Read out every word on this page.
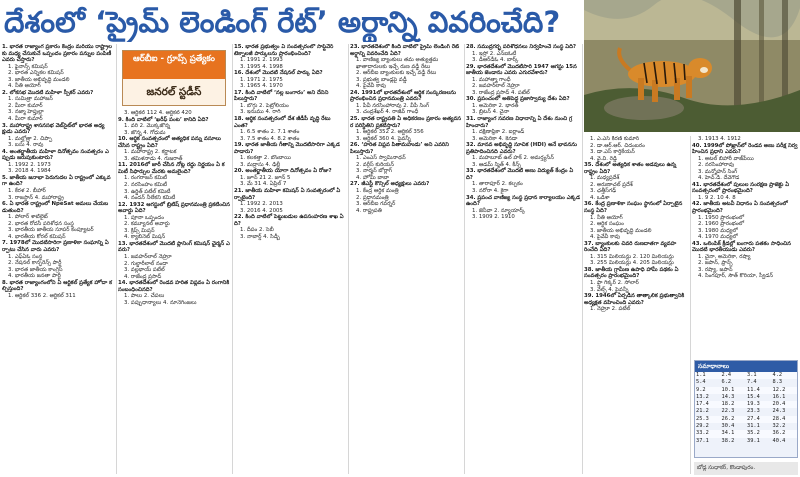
దేశంలో ‘ప్రైమ్ లెండింగ్ రేట్’ అర్థాన్ని వివరించేది?

1. భారత రాజ్యాంగ ప్రకారం కేంద్రం మరియు రాష్ట్రాలకు మధ్య చేసుకునే ఒప్పందం ప్రకారం పన్నుల పంపిణీ ఎవరు చేస్తారు?

1. ఫైనాన్స్ కమిషన్

2. భారత ఎన్నికల కమిషన్

3. జాతీయ అభివృద్ధి మండలి

4. నీతి ఆయోగ్

2. లోకసభ మొదటి మహిళా స్పీకర్ ఎవరు?

1. సుమిత్రా మహాజన్

2. మీరా కుమార్

3. నజ్మా హెప్తుల్లా

4. మీరా కుమార్

3. మహారాష్ట్ర శాసనసభ వెబ్‌సైట్‌లో భారత అధ్యక్షుడు ఎవరు?

1. మల్హోత్రా 2. చిప్పా

3. బసు 4. రావు

4. అంతర్జాతీయ మహిళా దినోత్సవం సంవత్సరం ఎప్పుడు జరుపుకుంటారు?

1. 1992 2. 1973

3. 2018 4. 1984

5. జాతీయ జనాభా పెరుగుదల ఏ రాష్ట్రంలో ఎక్కువగా ఉంది?

1. కేరళ 2. బీహార్

3. రాజస్థాన్ 4. మహారాష్ట్ర

6. ఏ భారత రాష్ట్రంలో NpeSat అమలు చేయబడుతుంది?

1. పోలార్ శాటిలైట్

2. భారత రోదసీ పరిశోధన సంస్థ

3. భారతీయ జాతీయ సూపర్ కంప్యూటర్

4. భారతీయ కోరల్ కమిషన్

7. 1978లో మొదటిసారిగా ప్రణాళికా సంఘాన్ని ఏర్పాటు చేసిన వారు ఎవరు?

1. ఎఫ్ఏఓ సంస్థ

2. నేషనల్ కాన్ఫరెన్స్ పార్టీ

3. భారత జాతీయ కాంగ్రెస్

4. భారతీయ జనతా పార్టీ

8. భారత రాజ్యాంగంలోని ఏ ఆర్టికల్ ప్రత్యేక హోదా కల్పిస్తుంది?

1. ఆర్టికల్ 336 2. ఆర్టికల్ 311

3. ఆర్టికల్ 112 4. ఆర్టికల్ 420

9. కింది వాటిలో ‘ఖరీఫ్ పంట’ కానిది ఏది?

1. వరి 2. మొక్కజొన్న

3. జొన్న 4. గోధుమ

10. ఆర్థిక సంవత్సరంలో అత్యధిక పన్ను వసూలు చేసిన రాష్ట్రం ఏది?

1. మహారాష్ట్ర 2. కర్ణాటక

3. తమిళనాడు 4. గుజరాత్

11. 2016లో జారీ చేసిన నోట్ల రద్దు నిర్ణయం ఏ కమిటీ సిఫార్సుల మేరకు అమలైంది?

1. రంగరాజన్ కమిటీ

2. నరసింహం కమిటీ

3. ఉర్జిత్ పటేల్ కమిటీ

4. నందన్ నీలేకని కమిటీ

12. 1932 ఆగస్టులో బ్రిటిష్ ప్రధానమంత్రి ప్రకటించిన అవార్డు ఏది?

1. పూనా ఒప్పందం

2. కమ్యూనల్ అవార్డు

3. క్రిప్స్ మిషన్

4. క్యాబినెట్ మిషన్

13. భారతదేశంలో మొదటి ప్లానింగ్ కమిషన్ ఛైర్మన్ ఎవరు?

1. జవహర్‌లాల్ నెహ్రూ

2. గుల్జారీలాల్ నందా

3. వల్లభాయ్ పటేల్

4. రాజేంద్ర ప్రసాద్

14. భారతదేశంలో రెండవ హరిత విప్లవం ఏ రంగానికి సంబంధించినది?

1. పాలు 2. చేపలు

3. పప్పుధాన్యాలు 4. నూనెగింజలు

15. భారత ప్రభుత్వం ఏ సంవత్సరంలో సాఫ్ట్‌వేర్ టెక్నాలజీ పార్కులను ప్రారంభించింది?

1. 1991 2. 1993

3. 1995 4. 1998

16. దేశంలో మొదటి నేషనల్ పార్కు ఏది?

1. 1971 2. 1975

3. 1965 4. 1970

17. కింది వాటిలో ‘నల్ల బంగారం’ అని దేనిని పిలుస్తారు?

1. బొగ్గు 2. పెట్రోలియం

3. ఇనుము 4. రాగి

18. ఆర్థిక సంవత్సరంలో దేశ జీడీపీ వృద్ధి రేటు ఎంత?

1. 6.5 శాతం 2. 7.1 శాతం

3. 7.5 శాతం 4. 8.2 శాతం

19. భారత జాతీయ గీతాన్ని మొదటిసారిగా ఎక్కడ పాడారు?

1. కలకత్తా 2. బొంబాయి

3. మద్రాసు 4. ఢిల్లీ

20. అంతర్జాతీయ యోగా దినోత్సవం ఏ రోజు?

1. జూన్ 21 2. జూన్ 5

3. మే 31 4. ఏప్రిల్ 7

21. జాతీయ మహిళా కమిషన్ ఏ సంవత్సరంలో ఏర్పాటైంది?

1. 1992 2. 2013

3. 2016 4. 2005

22. కింది వాటిలో పెట్టుబడుల ఉపసంహరణ శాఖ ఏది?

1. దీపం 2. సెబీ

3. నాబార్డ్ 4. సిడ్బీ

23. భారతదేశంలో కింది వాటిలో ప్రైమ్ లెండింగ్ రేట్ అర్థాన్ని వివరించేది ఏది?

1. వాణిజ్య బ్యాంకులు తమ అత్యుత్తమ ఖాతాదారులకు ఇచ్చే రుణ వడ్డీ రేటు

2. ఆర్‌బీఐ బ్యాంకులకు ఇచ్చే వడ్డీ రేటు

3. ప్రభుత్వ బాండ్లపై వడ్డీ

4. పైవేవీ కావు

24. 1991లో భారతదేశంలో ఆర్థిక సంస్కరణలను ప్రారంభించిన ప్రధానమంత్రి ఎవరు?

1. పీవీ నరసింహారావు 2. వీపీ సింగ్

3. చంద్రశేఖర్ 4. రాజీవ్ గాంధీ

25. భారత రాష్ట్రపతి ఏ అధికరణం ప్రకారం అత్యవసర పరిస్థితిని ప్రకటిస్తారు?

1. ఆర్టికల్ 352 2. ఆర్టికల్ 356

3. ఆర్టికల్ 360 4. పైవన్నీ

26. ‘హరిత విప్లవ పితామహుడు’ అని ఎవరిని పిలుస్తారు?

1. ఎంఎస్ స్వామినాథన్

2. వర్గీస్ కురియన్

3. నార్మన్ బోర్లాగ్

4. హోమీ బాబా

27. జీఎస్టీ కౌన్సిల్ అధ్యక్షులు ఎవరు?

1. కేంద్ర ఆర్థిక మంత్రి

2. ప్రధానమంత్రి

3. ఆర్‌బీఐ గవర్నర్

4. రాష్ట్రపతి

28. సముద్రగర్భ పరిశోధనలు నిర్వహించే సంస్థ ఏది?

1. ఇస్రో 2. ఎన్ఐఓటీ

3. డీఆర్‌డీఓ 4. బార్క్

29. భారతదేశంలో మొదటిసారి 1947 ఆగస్టు 15న జాతీయ జెండాను ఎవరు ఎగురవేశారు?

1. మహాత్మా గాంధీ

2. జవహర్‌లాల్ నెహ్రూ

3. రాజేంద్ర ప్రసాద్ 4. పటేల్

30. ప్రపంచంలో అతిపెద్ద ప్రజాస్వామ్య దేశం ఏది?

1. అమెరికా 2. భారత్

3. బ్రిటన్ 4. చైనా

31. రాజ్యాంగ సవరణ విధానాన్ని ఏ దేశం నుంచి గ్రహించారు?

1. దక్షిణాఫ్రికా 2. ఐర్లాండ్

3. అమెరికా 4. కెనడా

32. మానవ అభివృద్ధి సూచిక (HDI) అనే భావనను ప్రతిపాదించినది ఎవరు?

1. మహబూబ్ ఉల్ హక్ 2. అమర్త్యసేన్

3. ఆడమ్ స్మిత్ 4. కీన్స్

33. భారతదేశంలో మొదటి అణు విద్యుత్ కేంద్రం ఏది?

1. తారాపూర్ 2. కల్పకం

3. నరోరా 4. కైగా

34. ప్రపంచ వాణిజ్య సంస్థ ప్రధాన కార్యాలయం ఎక్కడ ఉంది?

1. జెనీవా 2. న్యూయార్క్

3. 1909 2. 1910

1. ఎ.ఎస్ కిరణ్ కుమార్

2. డా.ఆర్.ఆర్. చిదంబరం

3. డా.ఎస్ కార్తికేయన్

4. వై.వి. రెడ్డి

35. దేశంలో అత్యధిక శాతం అడవులు ఉన్న రాష్ట్రం ఏది?

1. మధ్యప్రదేశ్

2. అరుణాచల్ ప్రదేశ్

3. ఛత్తీస్‌గఢ్

4. ఒడిశా

36. కేంద్ర ప్రణాళికా సంఘం స్థానంలో ఏర్పాటైన సంస్థ ఏది?

1. నీతి ఆయోగ్

2. ఆర్థిక సంఘం

3. జాతీయ అభివృద్ధి మండలి

4. పైవేవీ కావు

37. బ్యాంకులకు చివరి రుణదాతగా వ్యవహరించేది ఏది?

1. 315 మిలియన్లు 2. 120 మిలియన్లు

3. 255 మిలియన్లు 4. 205 మిలియన్లు

38. జాతీయ గ్రామీణ ఉపాధి హామీ పథకం ఏ సంవత్సరం ప్రారంభమైంది?

1. ఫ్లా గిక్కర్ 2. సోలార్

3. వేల్స్ 4. పైవన్నీ

39. 1946లో ఏర్పడిన తాత్కాలిక ప్రభుత్వానికి అధ్యక్షత వహించింది ఎవరు?

1. నెహ్రూ 2. పటేల్

3. 1913 4. 1912

40. 1999లో పోఖ్రాన్‌లో రెండవ అణు పరీక్ష నిర్వహించిన ప్రధాని ఎవరు?

1. అటల్ బిహారీ వాజ్‌పేయి

2. నరసింహారావు

3. మన్మోహన్ సింగ్

4. హెచ్.డి. దేవెగౌడ

41. భారతదేశంలో పులుల సంరక్షణ ప్రాజెక్టు ఏ సంవత్సరంలో ప్రారంభమైంది?

1. 9 2. 10 4. 8

42. జాతీయ అటవీ విధానం ఏ సంవత్సరంలో ప్రారంభమైంది?

1. 1950 ప్రారంభంలో

2. 1960 ప్రారంభంలో

3. 1980 మధ్యలో

4. 1970 మధ్యలో

43. ఒలింపిక్ క్రీడల్లో బంగారు పతకం సాధించిన మొదటి భారతీయుడు ఎవరు?

1. చైనా, అమెరికా, రష్యా

2. జపాన్, ఫ్రాన్స్

3. రష్యా, జపాన్

4. సింగపూర్, సౌత్ కొరియా, స్వీడన్

ఆర్‌బీఐ - గ్రూప్స్ ప్రత్యేకం
జనరల్ స్టడీస్
సమాధానాలు
1.1	2.4	3.1	4.2
5.4	6.2	7.4	8.3
9.2	10.1	11.4	12.2
13.2	14.3	15.4	16.1
17.4	18.2	19.3	20.4
21.2	22.3	23.3	24.3
25.3	26.2	27.4	28.4
29.2	30.4	31.1	32.2
33.2	34.1	35.2	36.2
37.1	38.2	39.1	40.4
బోడ్ల సుధాకర్, కొండాపురం.
